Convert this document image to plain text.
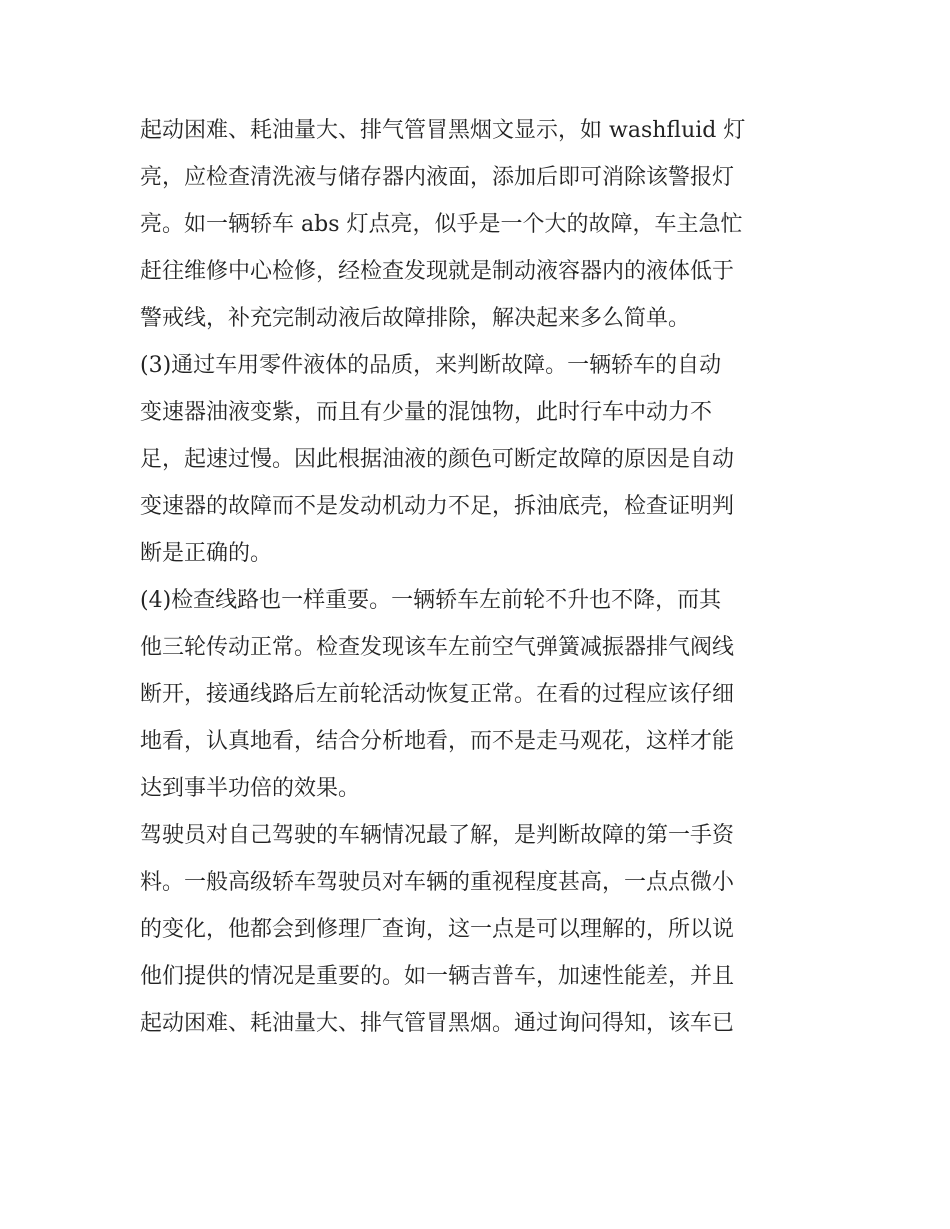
起动困难、耗油量大、排气管冒黑烟文显示，如 washfluid 灯

亮，应检查清洗液与储存器内液面，添加后即可消除该警报灯

亮。如一辆轿车 abs 灯点亮，似乎是一个大的故障，车主急忙

赶往维修中心检修，经检查发现就是制动液容器内的液体低于

警戒线，补充完制动液后故障排除，解决起来多么简单。

(3)通过车用零件液体的品质，来判断故障。一辆轿车的自动

变速器油液变紫，而且有少量的混蚀物，此时行车中动力不

足，起速过慢。因此根据油液的颜色可断定故障的原因是自动

变速器的故障而不是发动机动力不足，拆油底壳，检查证明判

断是正确的。

(4)检查线路也一样重要。一辆轿车左前轮不升也不降，而其

他三轮传动正常。检查发现该车左前空气弹簧减振器排气阀线

断开，接通线路后左前轮活动恢复正常。在看的过程应该仔细

地看，认真地看，结合分析地看，而不是走马观花，这样才能

达到事半功倍的效果。

驾驶员对自己驾驶的车辆情况最了解，是判断故障的第一手资

料。一般高级轿车驾驶员对车辆的重视程度甚高，一点点微小

的变化，他都会到修理厂查询，这一点是可以理解的，所以说

他们提供的情况是重要的。如一辆吉普车，加速性能差，并且

起动困难、耗油量大、排气管冒黑烟。通过询问得知，该车已
